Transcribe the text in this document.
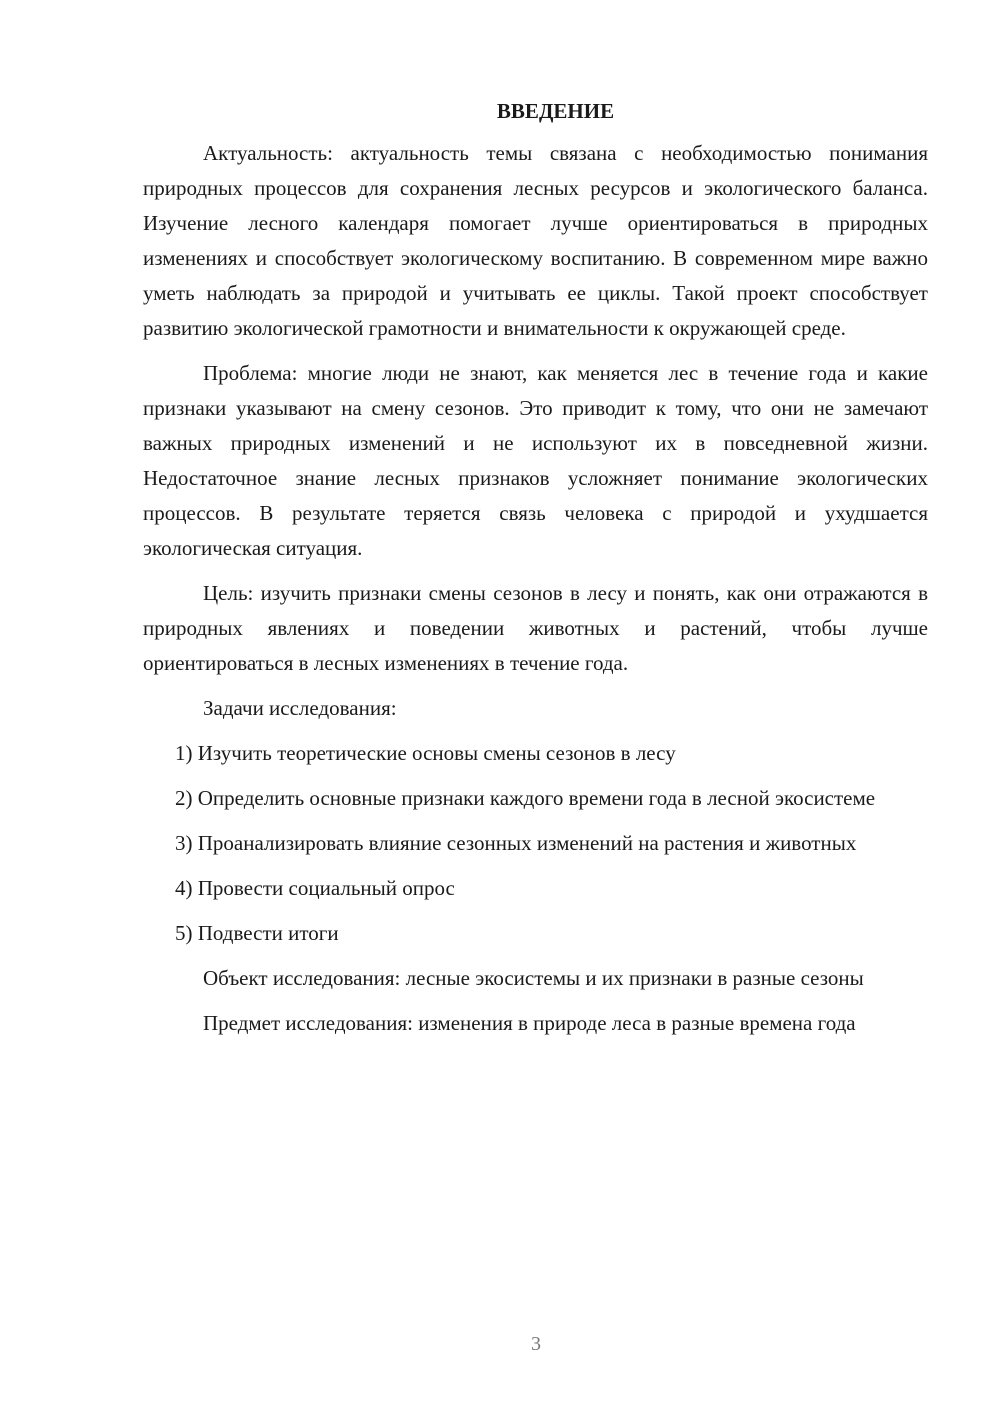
ВВЕДЕНИЕ

Актуальность: актуальность темы связана с необходимостью понимания природных процессов для сохранения лесных ресурсов и экологического баланса. Изучение лесного календаря помогает лучше ориентироваться в природных изменениях и способствует экологическому воспитанию. В современном мире важно уметь наблюдать за природой и учитывать ее циклы. Такой проект способствует развитию экологической грамотности и внимательности к окружающей среде.

Проблема: многие люди не знают, как меняется лес в течение года и какие признаки указывают на смену сезонов. Это приводит к тому, что они не замечают важных природных изменений и не используют их в повседневной жизни. Недостаточное знание лесных признаков усложняет понимание экологических процессов. В результате теряется связь человека с природой и ухудшается экологическая ситуация.

Цель: изучить признаки смены сезонов в лесу и понять, как они отражаются в природных явлениях и поведении животных и растений, чтобы лучше ориентироваться в лесных изменениях в течение года.

Задачи исследования:

1) Изучить теоретические основы смены сезонов в лесу

2) Определить основные признаки каждого времени года в лесной экосистеме

3) Проанализировать влияние сезонных изменений на растения и животных

4) Провести социальный опрос

5) Подвести итоги

Объект исследования: лесные экосистемы и их признаки в разные сезоны

Предмет исследования: изменения в природе леса в разные времена года

3
